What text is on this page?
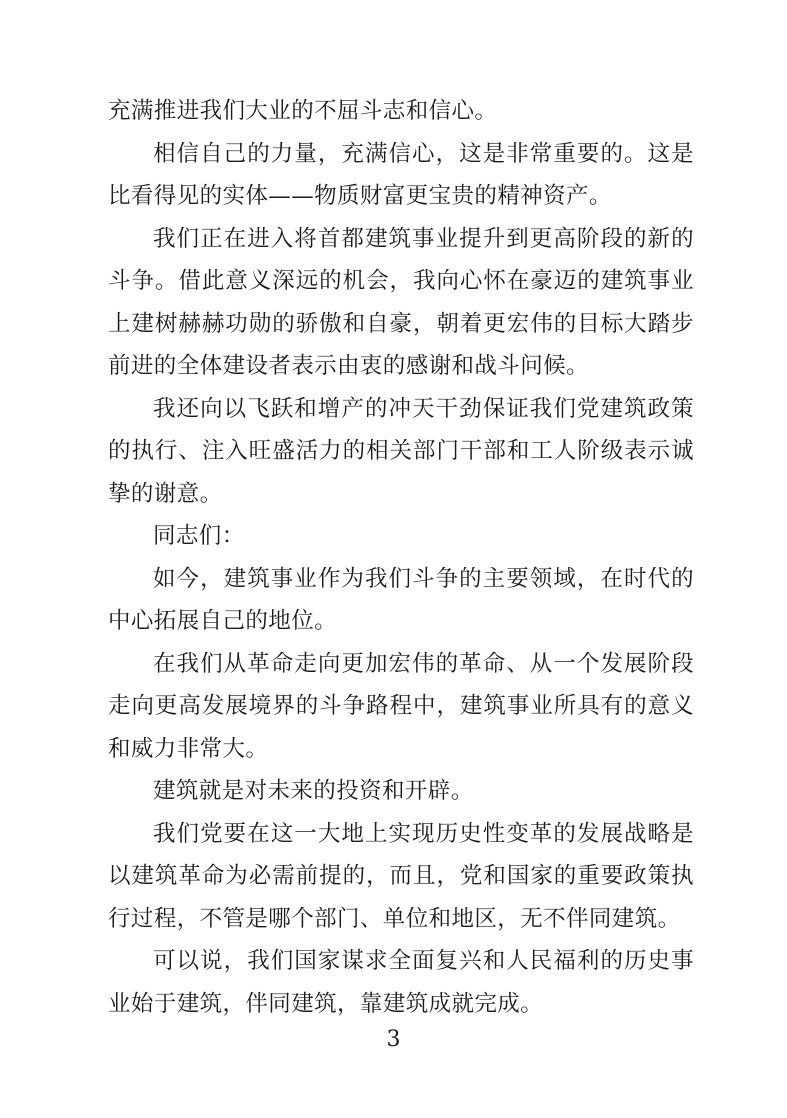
充满推进我们大业的不屈斗志和信心。

相信自己的力量，充满信心，这是非常重要的。这是比看得见的实体——物质财富更宝贵的精神资产。

我们正在进入将首都建筑事业提升到更高阶段的新的斗争。借此意义深远的机会，我向心怀在豪迈的建筑事业上建树赫赫功勋的骄傲和自豪，朝着更宏伟的目标大踏步前进的全体建设者表示由衷的感谢和战斗问候。

我还向以飞跃和增产的冲天干劲保证我们党建筑政策的执行、注入旺盛活力的相关部门干部和工人阶级表示诚挚的谢意。

同志们：

如今，建筑事业作为我们斗争的主要领域，在时代的中心拓展自己的地位。

在我们从革命走向更加宏伟的革命、从一个发展阶段走向更高发展境界的斗争路程中，建筑事业所具有的意义和威力非常大。

建筑就是对未来的投资和开辟。

我们党要在这一大地上实现历史性变革的发展战略是以建筑革命为必需前提的，而且，党和国家的重要政策执行过程，不管是哪个部门、单位和地区，无不伴同建筑。

可以说，我们国家谋求全面复兴和人民福利的历史事业始于建筑，伴同建筑，靠建筑成就完成。

3
